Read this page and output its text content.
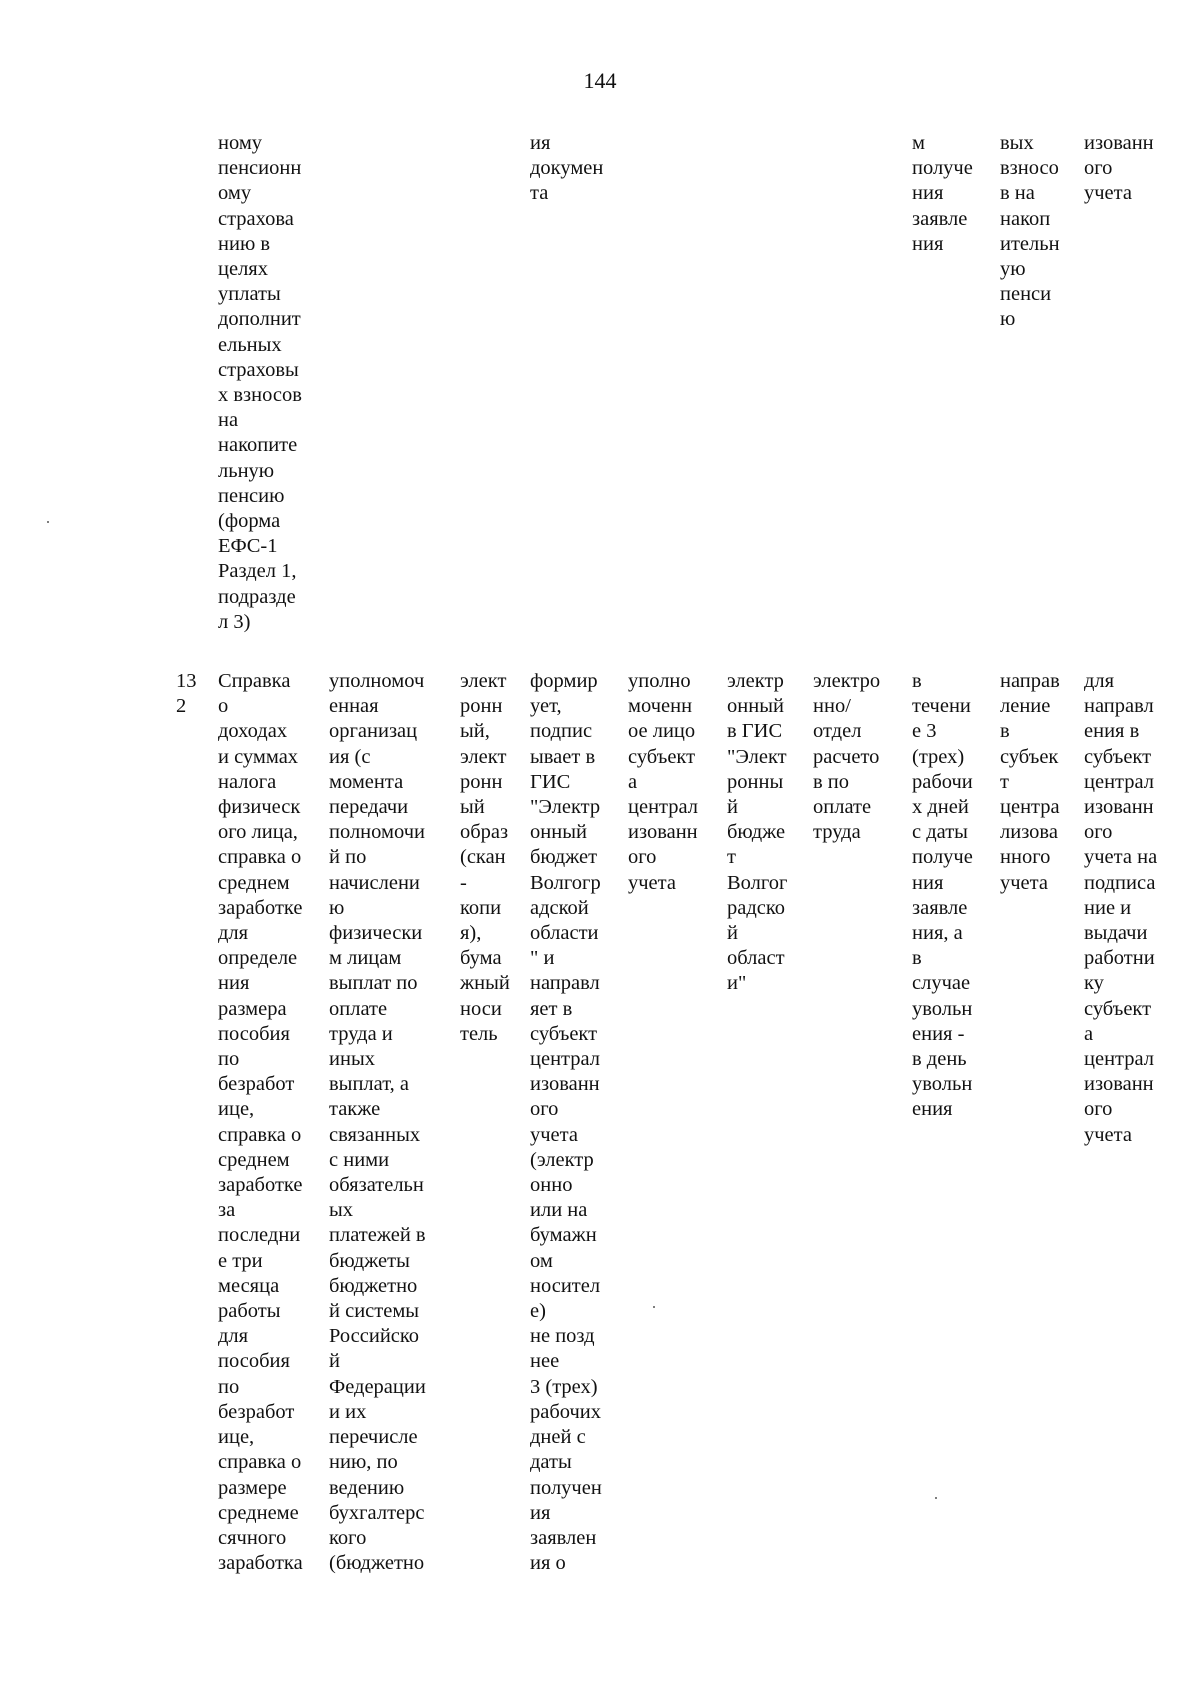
144
ному
пенсионн
ому
страхова
нию в
целях
уплаты
дополнит
ельных
страховы
х взносов
на
накопите
льную
пенсию
(форма
ЕФС-1
Раздел 1,
подразде
л 3)
ия
докумен
та
м
получе
ния
заявле
ния
вых
взносо
в на
накоп
ительн
ую
пенси
ю
изованн
ого
учета
13
2
Справка
о
доходах
и суммах
налога
физическ
ого лица,
справка о
среднем
заработке
для
определе
ния
размера
пособия
по
безработ
ице,
справка о
среднем
заработке
за
последни
е три
месяца
работы
для
пособия
по
безработ
ице,
справка о
размере
среднеме
сячного
заработка
уполномоч
енная
организац
ия (с
момента
передачи
полномочи
й по
начислени
ю
физически
м лицам
выплат по
оплате
труда и
иных
выплат, а
также
связанных
с ними
обязательн
ых
платежей в
бюджеты
бюджетно
й системы
Российско
й
Федерации
и их
перечисле
нию, по
ведению
бухгалтерс
кого
(бюджетно
элект
ронн
ый,
элект
ронн
ый
образ
(скан
-
копи
я),
бума
жный
носи
тель
формир
ует,
подпис
ывает в
ГИС
"Электр
онный
бюджет
Волгогр
адской
области
" и
направл
яет в
субъект
централ
изованн
ого
учета
(электр
онно
или на
бумажн
ом
носител
е)
не позд
нее
3 (трех)
рабочих
дней с
даты
получен
ия
заявлен
ия о
уполно
моченн
ое лицо
субъект
а
централ
изованн
ого
учета
электр
онный
в ГИС
"Элект
ронны
й
бюдже
т
Волгог
радско
й
област
и"
электро
нно/
отдел
расчето
в по
оплате
труда
в
течени
е 3
(трех)
рабочи
х дней
с даты
получе
ния
заявле
ния, а
в
случае
увольн
ения -
в день
увольн
ения
направ
ление
в
субъек
т
центра
лизова
нного
учета
для
направл
ения в
субъект
централ
изованн
ого
учета на
подписа
ние и
выдачи
работни
ку
субъект
а
централ
изованн
ого
учета
